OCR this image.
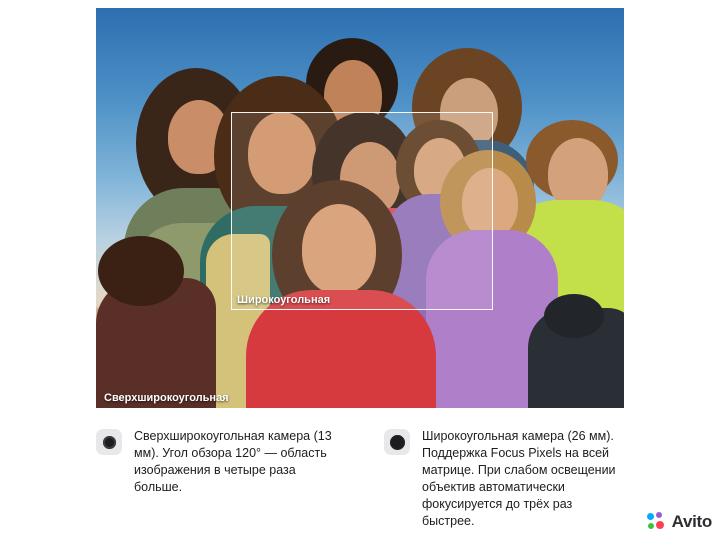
Широкоугольная
Сверхширокоугольная
Сверхширокоугольная камера (13 мм). Угол обзора 120° — область изображения в четыре раза больше.
Широкоугольная камера (26 мм). Поддержка Focus Pixels на всей матрице. При слабом освещении объектив автоматически фокусируется до трёх раз быстрее.	Avito
